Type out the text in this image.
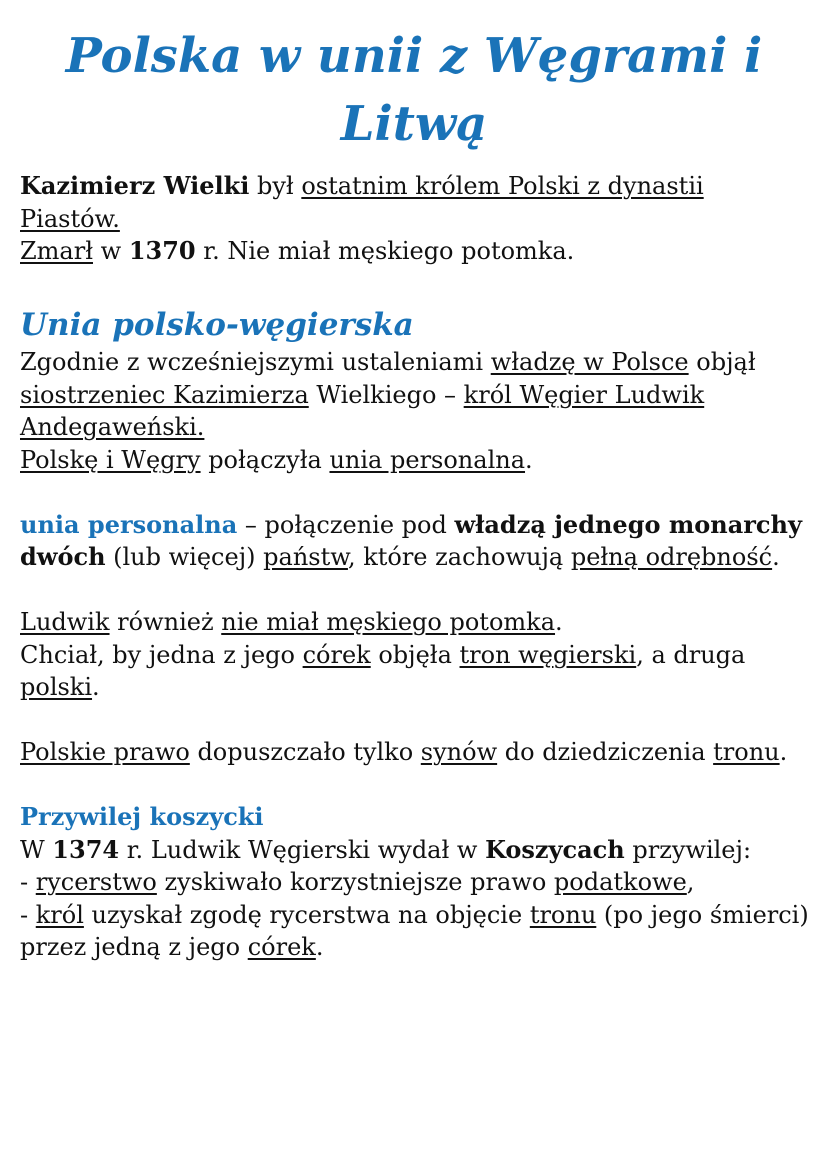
Polska w unii z Węgrami i Litwą

Kazimierz Wielki był ostatnim królem Polski z dynastii Piastów.

Zmarł w 1370 r. Nie miał męskiego potomka.

Unia polsko-węgierska

Zgodnie z wcześniejszymi ustaleniami władzę w Polsce objął siostrzeniec Kazimierza Wielkiego – król Węgier Ludwik Andegaweński.

Polskę i Węgry połączyła unia personalna.

unia personalna – połączenie pod władzą jednego monarchy dwóch (lub więcej) państw, które zachowują pełną odrębność.

Ludwik również nie miał męskiego potomka.

Chciał, by jedna z jego córek objęła tron węgierski, a druga polski.

Polskie prawo dopuszczało tylko synów do dziedziczenia tronu.

Przywilej koszycki

W 1374 r. Ludwik Węgierski wydał w Koszycach przywilej:

- rycerstwo zyskiwało korzystniejsze prawo podatkowe,

- król uzyskał zgodę rycerstwa na objęcie tronu (po jego śmierci) przez jedną z jego córek.
